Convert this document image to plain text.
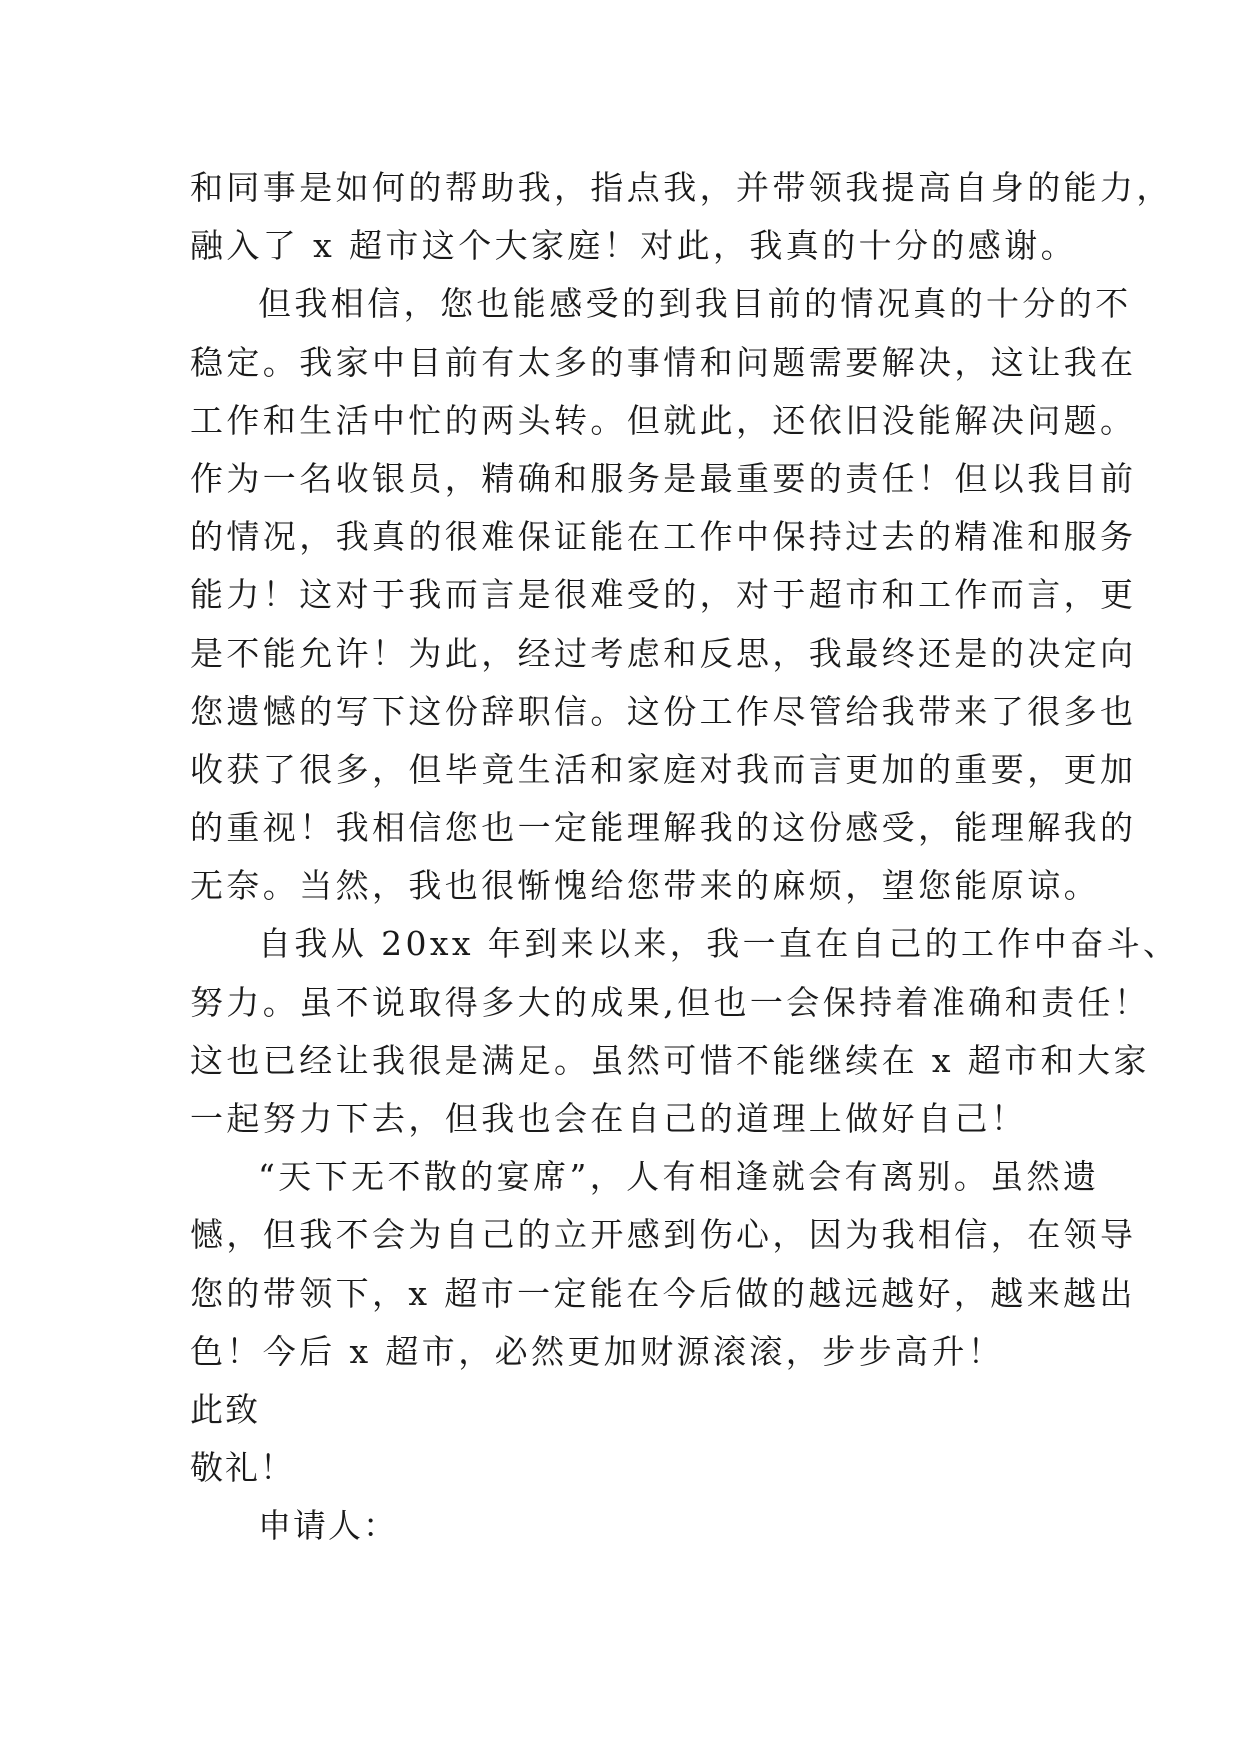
和同事是如何的帮助我，指点我，并带领我提高自身的能力，
融入了 x 超市这个大家庭！对此，我真的十分的感谢。
但我相信，您也能感受的到我目前的情况真的十分的不
稳定。我家中目前有太多的事情和问题需要解决，这让我在
工作和生活中忙的两头转。但就此，还依旧没能解决问题。
作为一名收银员，精确和服务是最重要的责任！但以我目前
的情况，我真的很难保证能在工作中保持过去的精准和服务
能力！这对于我而言是很难受的，对于超市和工作而言，更
是不能允许！为此，经过考虑和反思，我最终还是的决定向
您遗憾的写下这份辞职信。这份工作尽管给我带来了很多也
收获了很多，但毕竟生活和家庭对我而言更加的重要，更加
的重视！我相信您也一定能理解我的这份感受，能理解我的
无奈。当然，我也很惭愧给您带来的麻烦，望您能原谅。
自我从 20xx 年到来以来，我一直在自己的工作中奋斗、
努力。虽不说取得多大的成果,但也一会保持着准确和责任！
这也已经让我很是满足。虽然可惜不能继续在 x 超市和大家
一起努力下去，但我也会在自己的道理上做好自己！
“天下无不散的宴席”，人有相逢就会有离别。虽然遗
憾，但我不会为自己的立开感到伤心，因为我相信，在领导
您的带领下，x 超市一定能在今后做的越远越好，越来越出
色！今后 x 超市，必然更加财源滚滚，步步高升！
此致
敬礼！
申请人：
